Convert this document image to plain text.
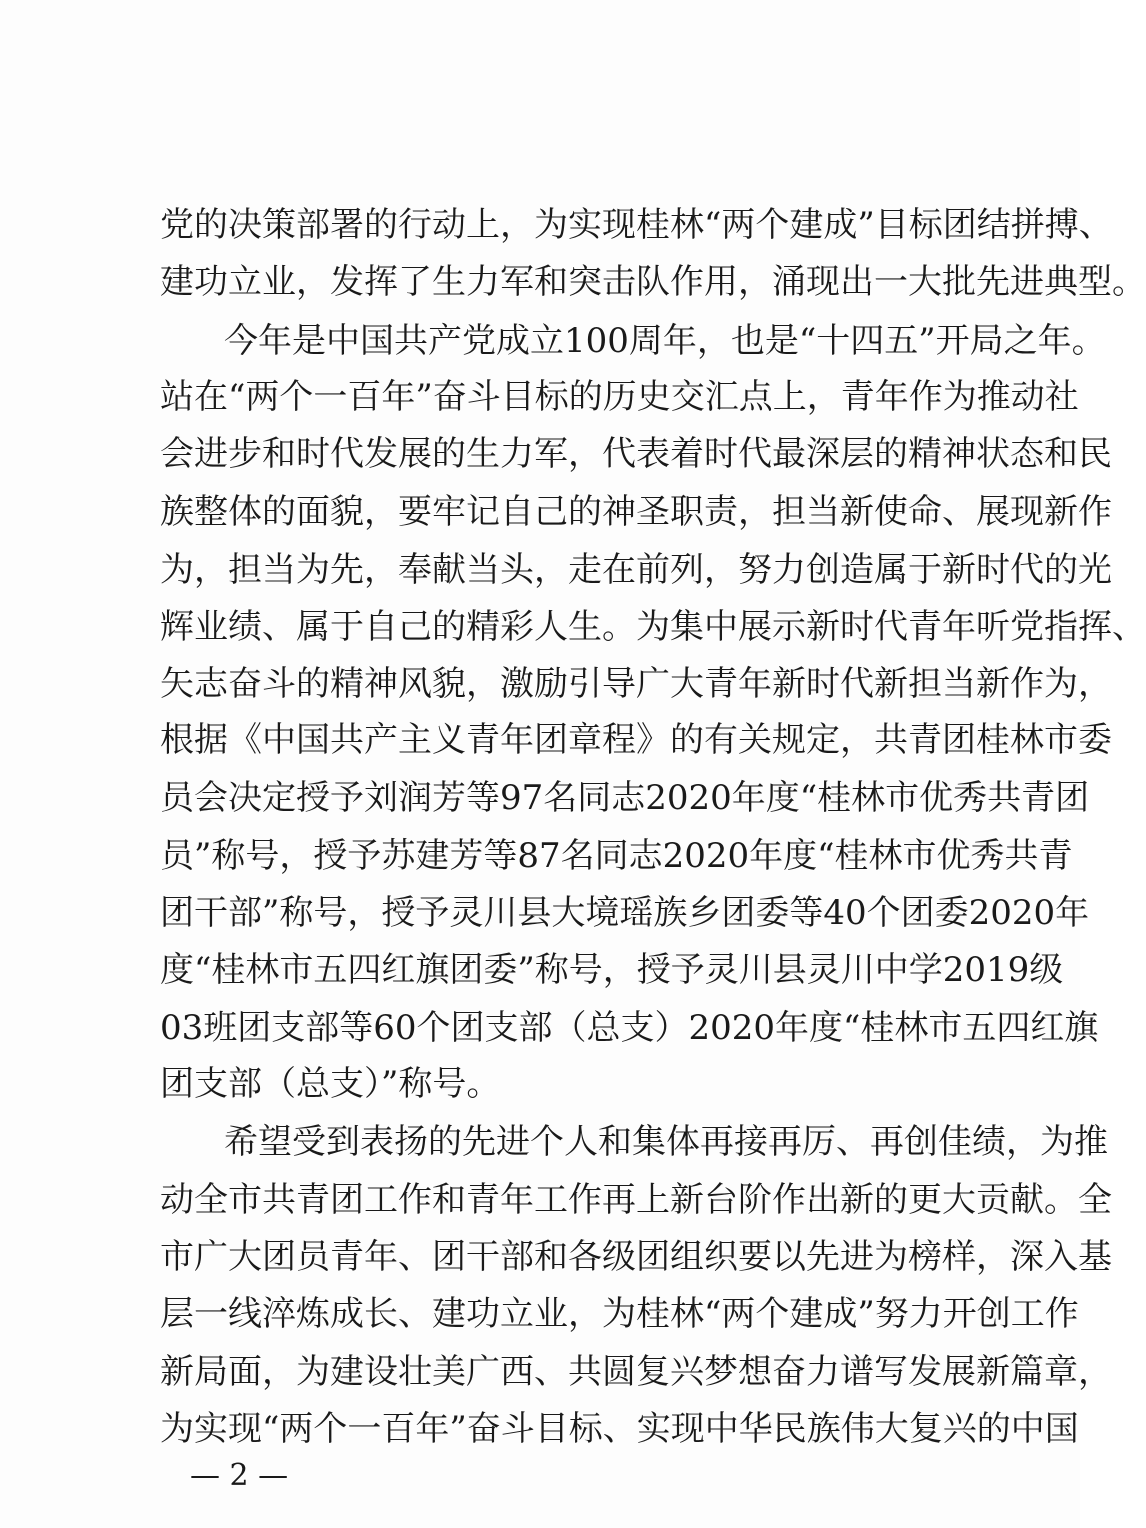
党的决策部署的行动上，为实现桂林“两个建成”目标团结拼搏、
建功立业，发挥了生力军和突击队作用，涌现出一大批先进典型。
今年是中国共产党成立100周年，也是“十四五”开局之年。
站在“两个一百年”奋斗目标的历史交汇点上，青年作为推动社
会进步和时代发展的生力军，代表着时代最深层的精神状态和民
族整体的面貌，要牢记自己的神圣职责，担当新使命、展现新作
为，担当为先，奉献当头，走在前列，努力创造属于新时代的光
辉业绩、属于自己的精彩人生。为集中展示新时代青年听党指挥、
矢志奋斗的精神风貌，激励引导广大青年新时代新担当新作为，
根据《中国共产主义青年团章程》的有关规定，共青团桂林市委
员会决定授予刘润芳等97名同志2020年度“桂林市优秀共青团
员”称号，授予苏建芳等87名同志2020年度“桂林市优秀共青
团干部”称号，授予灵川县大境瑶族乡团委等40个团委2020年
度“桂林市五四红旗团委”称号，授予灵川县灵川中学2019级
03班团支部等60个团支部（总支）2020年度“桂林市五四红旗
团支部（总支）”称号。
希望受到表扬的先进个人和集体再接再厉、再创佳绩，为推
动全市共青团工作和青年工作再上新台阶作出新的更大贡献。全
市广大团员青年、团干部和各级团组织要以先进为榜样，深入基
层一线淬炼成长、建功立业，为桂林“两个建成”努力开创工作
新局面，为建设壮美广西、共圆复兴梦想奋力谱写发展新篇章，
为实现“两个一百年”奋斗目标、实现中华民族伟大复兴的中国
— 2 —
